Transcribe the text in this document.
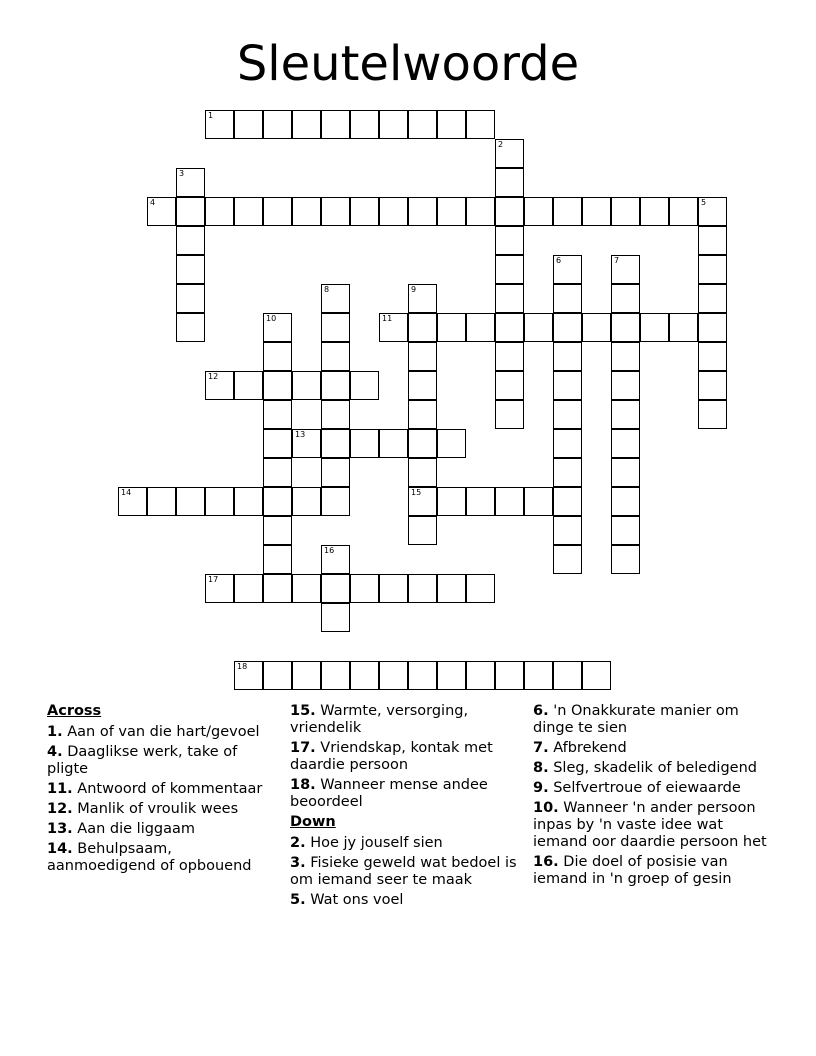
Sleutelwoorde
1
2
3
4	5
6	7
8	9
15
10	11
12
13
14
16
17
18
Across
1. Aan of van die hart/gevoel
4. Daaglikse werk, take of pligte
11. Antwoord of kommentaar
12. Manlik of vroulik wees
13. Aan die liggaam
14. Behulpsaam, aanmoedigend of opbouend
15. Warmte, versorging, vriendelik
17. Vriendskap, kontak met daardie persoon
18. Wanneer mense andee beoordeel
Down
2. Hoe jy jouself sien
3. Fisieke geweld wat bedoel is om iemand seer te maak
5. Wat ons voel
6. 'n Onakkurate manier om dinge te sien
7. Afbrekend
8. Sleg, skadelik of beledigend
9. Selfvertroue of eiewaarde
10. Wanneer 'n ander persoon inpas by 'n vaste idee wat iemand oor daardie persoon het
16. Die doel of posisie van iemand in 'n groep of gesin
